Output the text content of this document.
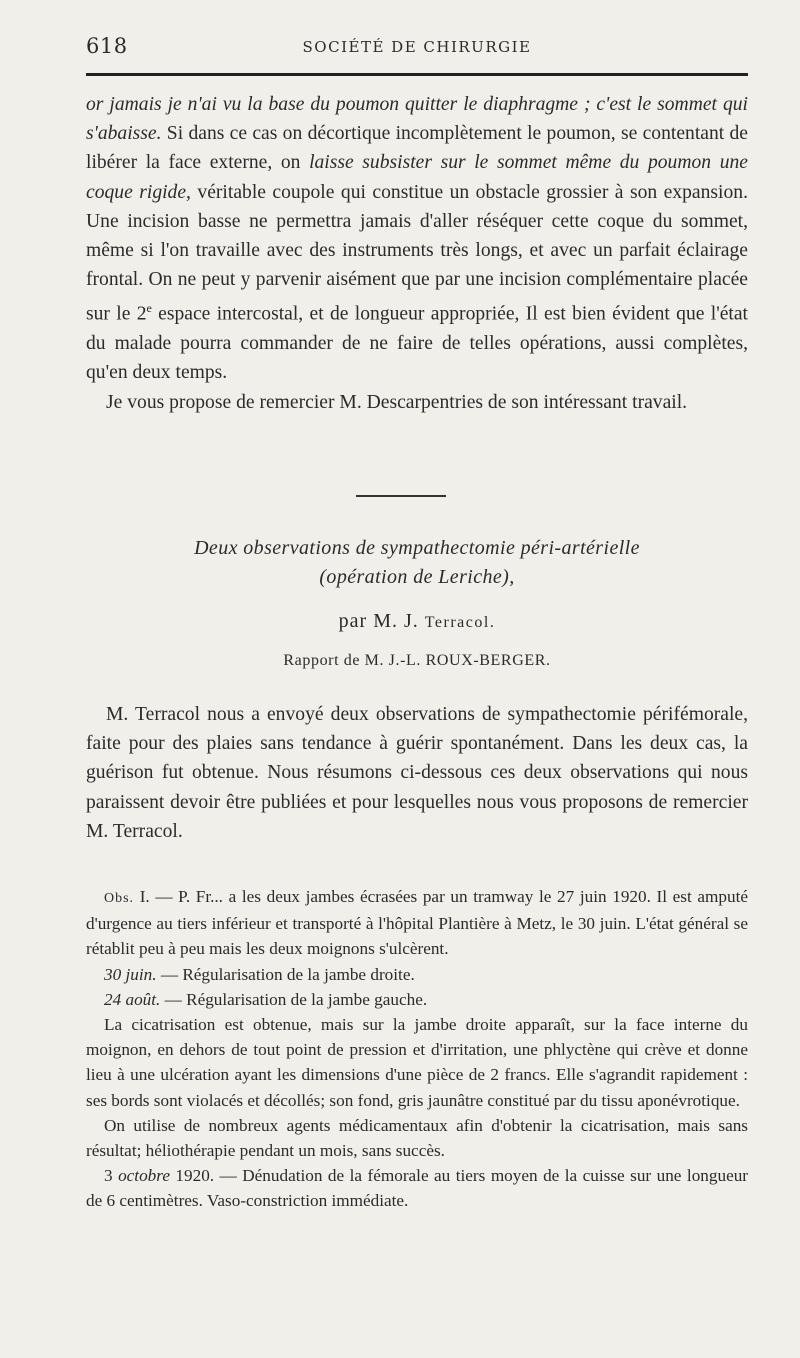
618	SOCIÉTÉ DE CHIRURGIE

or jamais je n'ai vu la base du poumon quitter le diaphragme ; c'est le sommet qui s'abaisse. Si dans ce cas on décortique incomplètement le poumon, se contentant de libérer la face externe, on laisse subsister sur le sommet même du poumon une coque rigide, véritable coupole qui constitue un obstacle grossier à son expansion. Une incision basse ne permettra jamais d'aller réséquer cette coque du sommet, même si l'on travaille avec des instruments très longs, et avec un parfait éclairage frontal. On ne peut y parvenir aisément que par une incision complémentaire placée sur le 2e espace intercostal, et de longueur appropriée, Il est bien évident que l'état du malade pourra commander de ne faire de telles opérations, aussi complètes, qu'en deux temps.

Je vous propose de remercier M. Descarpentries de son intéressant travail.

Deux observations de sympathectomie péri-artérielle
(opération de Leriche),
par M. J. Terracol.
Rapport de M. J.-L. ROUX-BERGER.

M. Terracol nous a envoyé deux observations de sympathectomie périfémorale, faite pour des plaies sans tendance à guérir spontanément. Dans les deux cas, la guérison fut obtenue. Nous résumons ci-dessous ces deux observations qui nous paraissent devoir être publiées et pour lesquelles nous vous proposons de remercier M. Terracol.

Obs. I. — P. Fr... a les deux jambes écrasées par un tramway le 27 juin 1920. Il est amputé d'urgence au tiers inférieur et transporté à l'hôpital Plantière à Metz, le 30 juin. L'état général se rétablit peu à peu mais les deux moignons s'ulcèrent.

30 juin. — Régularisation de la jambe droite.

24 août. — Régularisation de la jambe gauche.

La cicatrisation est obtenue, mais sur la jambe droite apparaît, sur la face interne du moignon, en dehors de tout point de pression et d'irritation, une phlyctène qui crève et donne lieu à une ulcération ayant les dimensions d'une pièce de 2 francs. Elle s'agrandit rapidement : ses bords sont violacés et décollés; son fond, gris jaunâtre constitué par du tissu aponévrotique.

On utilise de nombreux agents médicamentaux afin d'obtenir la cicatrisation, mais sans résultat; héliothérapie pendant un mois, sans succès.

3 octobre 1920. — Dénudation de la fémorale au tiers moyen de la cuisse sur une longueur de 6 centimètres. Vaso-constriction immédiate.
